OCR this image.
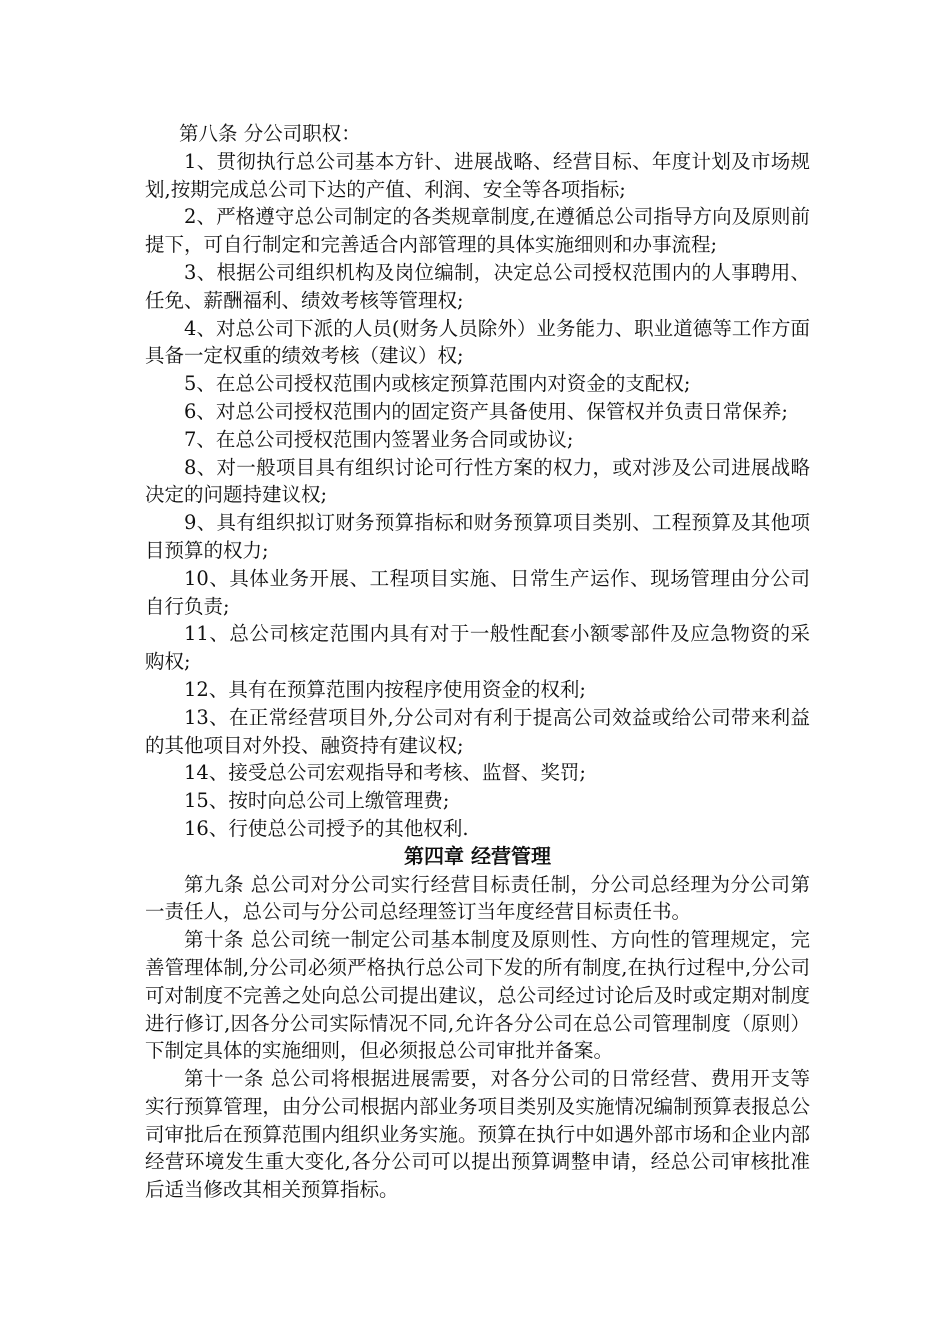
第八条 分公司职权：

1、贯彻执行总公司基本方针、进展战略、经营目标、年度计划及市场规划,按期完成总公司下达的产值、利润、安全等各项指标;

2、严格遵守总公司制定的各类规章制度,在遵循总公司指导方向及原则前提下，可自行制定和完善适合内部管理的具体实施细则和办事流程;

3、根据公司组织机构及岗位编制，决定总公司授权范围内的人事聘用、任免、薪酬福利、绩效考核等管理权;

4、对总公司下派的人员(财务人员除外）业务能力、职业道德等工作方面具备一定权重的绩效考核（建议）权;

5、在总公司授权范围内或核定预算范围内对资金的支配权;

6、对总公司授权范围内的固定资产具备使用、保管权并负责日常保养;

7、在总公司授权范围内签署业务合同或协议;

8、对一般项目具有组织讨论可行性方案的权力，或对涉及公司进展战略决定的问题持建议权;

9、具有组织拟订财务预算指标和财务预算项目类别、工程预算及其他项目预算的权力;

10、具体业务开展、工程项目实施、日常生产运作、现场管理由分公司自行负责;

11、总公司核定范围内具有对于一般性配套小额零部件及应急物资的采购权;

12、具有在预算范围内按程序使用资金的权利;

13、在正常经营项目外,分公司对有利于提高公司效益或给公司带来利益的其他项目对外投、融资持有建议权;

14、接受总公司宏观指导和考核、监督、奖罚;

15、按时向总公司上缴管理费;

16、行使总公司授予的其他权利.

第四章 经营管理

第九条 总公司对分公司实行经营目标责任制，分公司总经理为分公司第一责任人，总公司与分公司总经理签订当年度经营目标责任书。

第十条 总公司统一制定公司基本制度及原则性、方向性的管理规定，完善管理体制,分公司必须严格执行总公司下发的所有制度,在执行过程中,分公司可对制度不完善之处向总公司提出建议，总公司经过讨论后及时或定期对制度进行修订,因各分公司实际情况不同,允许各分公司在总公司管理制度（原则）下制定具体的实施细则，但必须报总公司审批并备案。

第十一条 总公司将根据进展需要，对各分公司的日常经营、费用开支等实行预算管理，由分公司根据内部业务项目类别及实施情况编制预算表报总公司审批后在预算范围内组织业务实施。预算在执行中如遇外部市场和企业内部经营环境发生重大变化,各分公司可以提出预算调整申请，经总公司审核批准后适当修改其相关预算指标。
